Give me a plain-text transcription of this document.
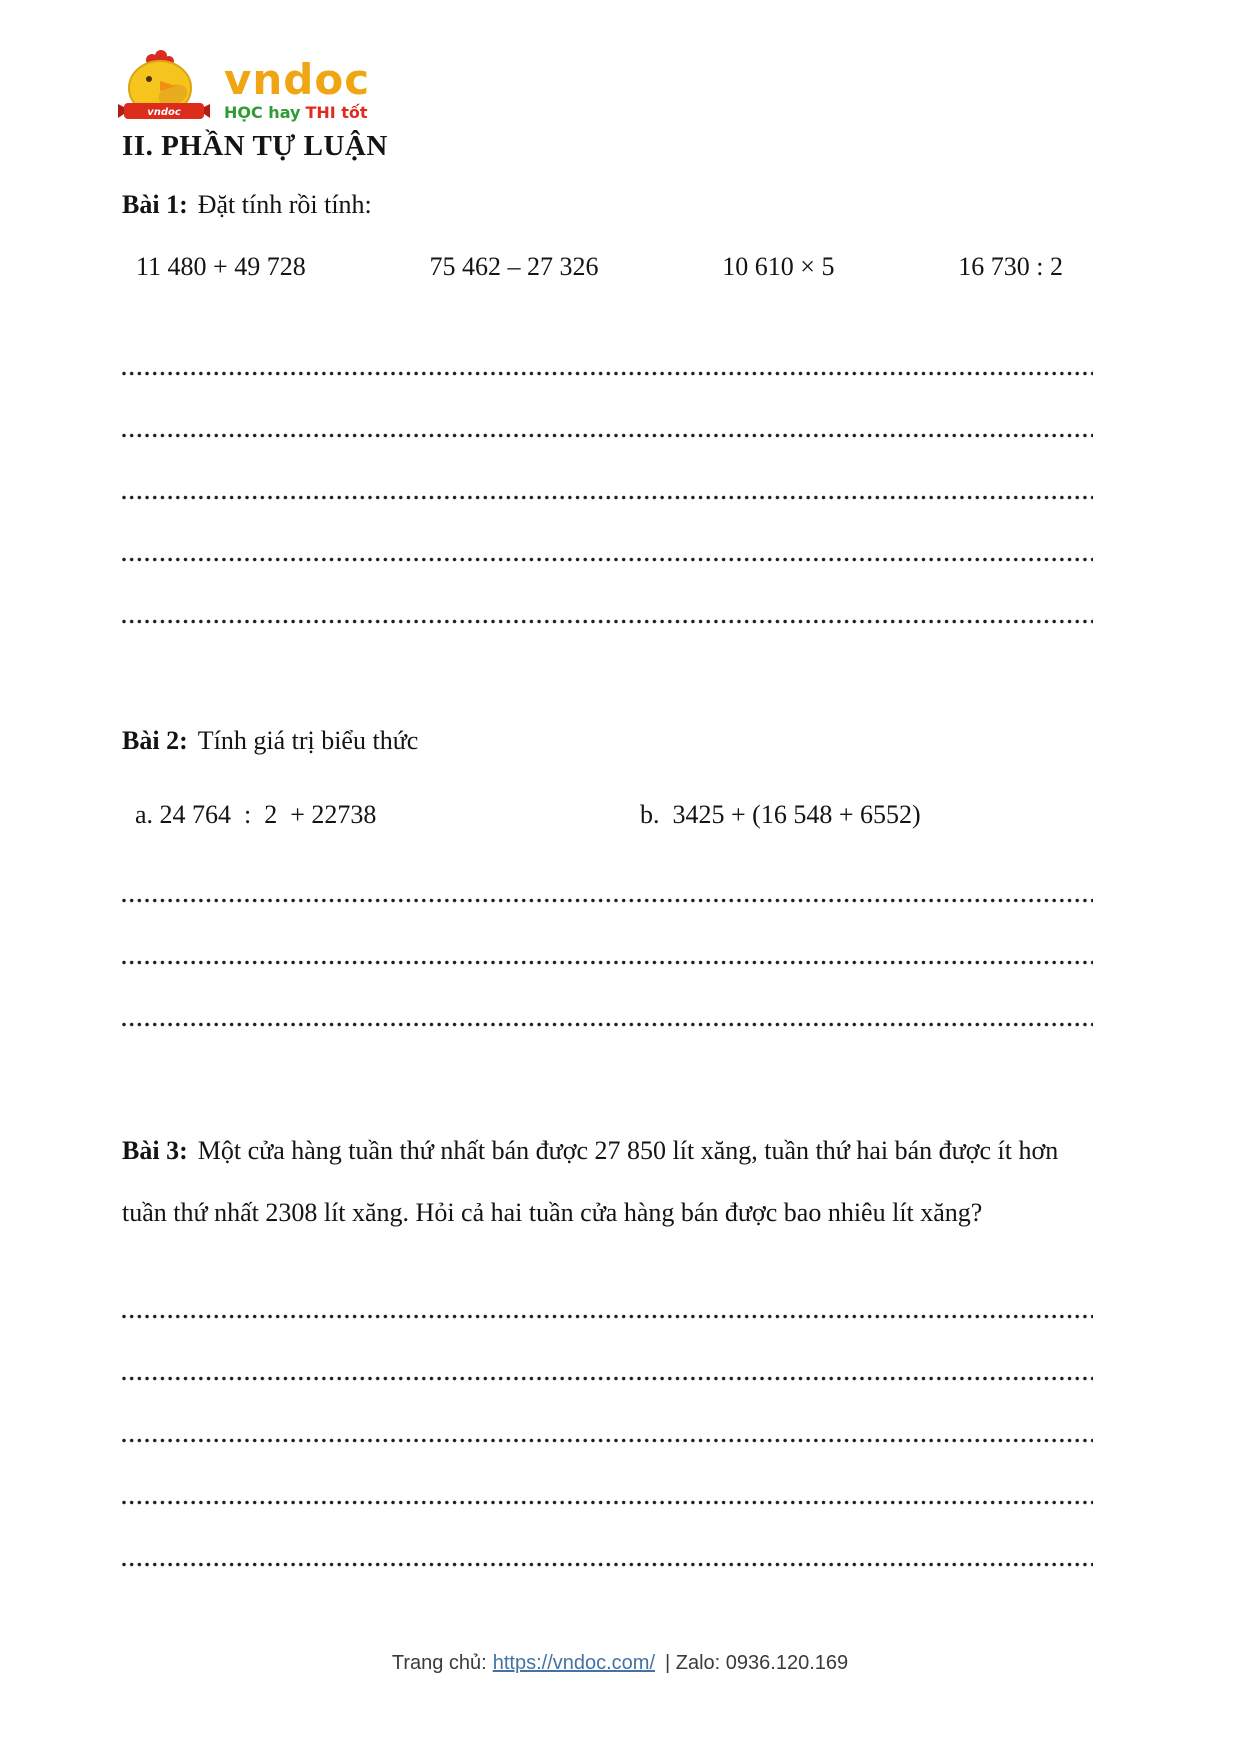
vndoc
vndoc
HỌC hay THI tốt
II. PHẦN TỰ LUẬN
Bài 1: Đặt tính rồi tính:
11 480 + 49 728	75 462 – 27 326	10 610 × 5	16 730 : 2
Bài 2: Tính giá trị biểu thức
a. 24 764  :  2  + 22738	b.  3425 + (16 548 + 6552)
Bài 3: Một cửa hàng tuần thứ nhất bán được 27 850 lít xăng, tuần thứ hai bán được ít hơn tuần thứ nhất 2308 lít xăng. Hỏi cả hai tuần cửa hàng bán được bao nhiêu lít xăng?
Trang chủ: https://vndoc.com/ | Zalo: 0936.120.169
